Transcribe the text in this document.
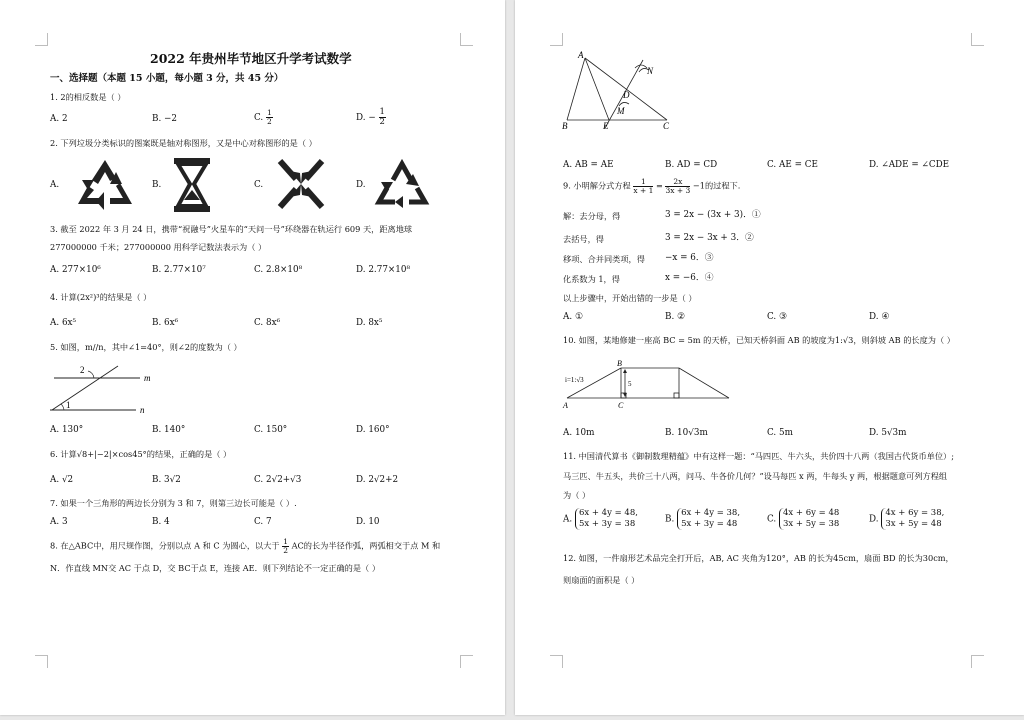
2022 年贵州毕节地区升学考试数学
一、选择题（本题 15 小题，每小题 3 分，共 45 分）
1. 2的相反数是（ ）
A. 2	B. −2	C. $\frac{1}{2}$	D. − $\frac{1}{2}$
2. 下列垃圾分类标识的图案既是轴对称图形，又是中心对称图形的是（ ）
A.	B.	C.	D.
3. 截至 2022 年 3 月 24 日，携带“祝融号”火星车的“天问一号”环绕器在轨运行 609 天，距离地球
277000000 千米；277000000 用科学记数法表示为（ ）
A. 277×10⁶	B. 2.77×10⁷	C. 2.8×10⁸	D. 2.77×10⁸
4. 计算(2x²)³的结果是（ ）
A. 6x⁵	B. 6x⁶	C. 8x⁶	D. 8x⁵
5. 如图，m//n，其中∠1=40°，则∠2的度数为（ ）
2
1
m
n
A. 130°	B. 140°	C. 150°	D. 160°
6. 计算√8+|−2|×cos45°的结果，正确的是（ ）
A. √2	B. 3√2	C. 2√2+√3	D. 2√2+2
7. 如果一个三角形的两边长分别为 3 和 7，则第三边长可能是（ ）.
A. 3	B. 4	C. 7	D. 10
8. 在△ABC中，用尺规作图，分别以点 A 和 C 为圆心，以大于 $\frac{1}{2}$ AC的长为半径作弧，两弧相交于点 M 和
N．作直线 MN交 AC 于点 D，交 BC于点 E，连接 AE．则下列结论不一定正确的是（ ）
A
B	C
D
E
M
N
A. AB = AE	B. AD = CD	C. AE = CE	D. ∠ADE = ∠CDE
9. 小明解分式方程 $\frac{1}{x + 1} = \frac{2x}{3x + 3} -1$的过程下.
解：去分母，得	3 = 2x − (3x + 3)．①
去括号，得	3 = 2x − 3x + 3．②
移项、合并同类项，得 −x = 6．③
化系数为 1，得	x = −6．④
以上步骤中，开始出错的一步是（ ）
A. ①	B. ②	C. ③	D. ④
10. 如图，某地修建一座高 BC = 5m 的天桥，已知天桥斜面 AB 的坡度为1:√3，则斜坡 AB 的长度为（ ）
B
A	C
i=1:√3	5
A. 10m	B. 10√3m	C. 5m	D. 5√3m
11. 中国清代算书《御制数理精蕴》中有这样一题：“马四匹、牛六头，共价四十八两（我国古代货币单位）;
马三匹、牛五头，共价三十八两，问马、牛各价几何？”设马每匹 x 两，牛每头 y 两，根据题意可列方程组
为（ ）
A.
6x + 4y = 48,
5x + 3y = 38	B.
6x + 4y = 38,
5x + 3y = 48	C.
4x + 6y = 48
3x + 5y = 38	D.
4x + 6y = 38,
3x + 5y = 48
12. 如图，一件扇形艺术品完全打开后，AB, AC 夹角为120°，AB 的长为45cm，扇面 BD 的长为30cm，
则扇面的面积是（ ）
